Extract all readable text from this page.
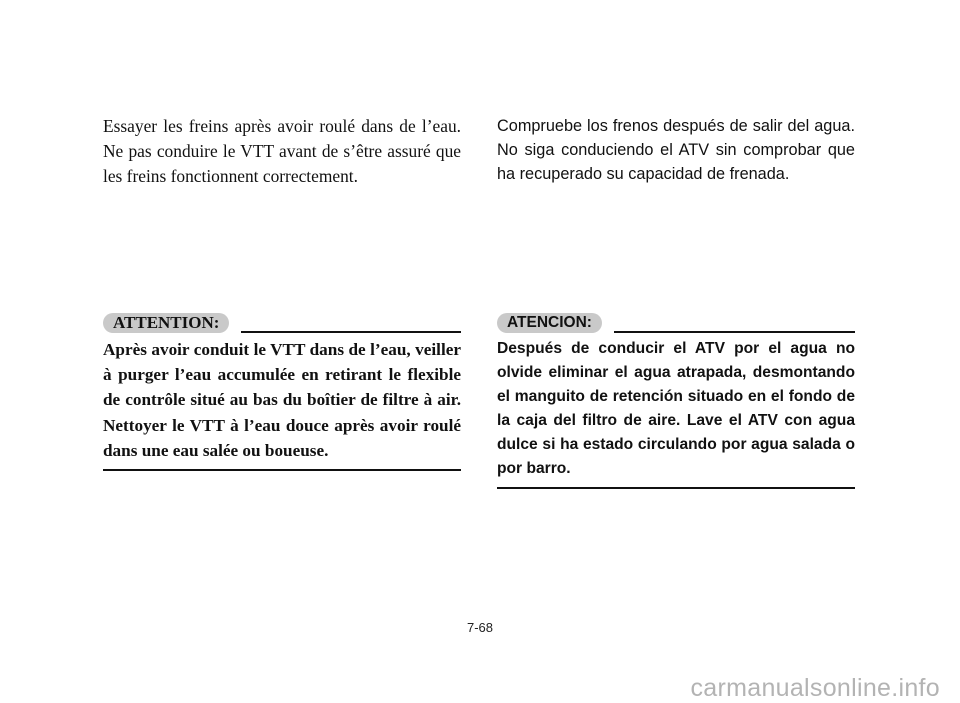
Essayer les freins après avoir roulé dans de l’eau. Ne pas conduire le VTT avant de s’être assuré que les freins fonctionnent correctement.

Compruebe los frenos después de salir del agua. No siga conduciendo el ATV sin comprobar que ha recuperado su capacidad de frenada.

ATTENTION:

Après avoir conduit le VTT dans de l’eau, veiller à purger l’eau accumulée en retirant le flexible de contrôle situé au bas du boîtier de filtre à air. Nettoyer le VTT à l’eau douce après avoir roulé dans une eau salée ou boueuse.

ATENCION:

Después de conducir el ATV por el agua no olvide eliminar el agua atrapada, desmontando el manguito de retención situado en el fondo de la caja del filtro de aire. Lave el ATV con agua dulce si ha estado circulando por agua salada o por barro.

7-68
carmanualsonline.info
